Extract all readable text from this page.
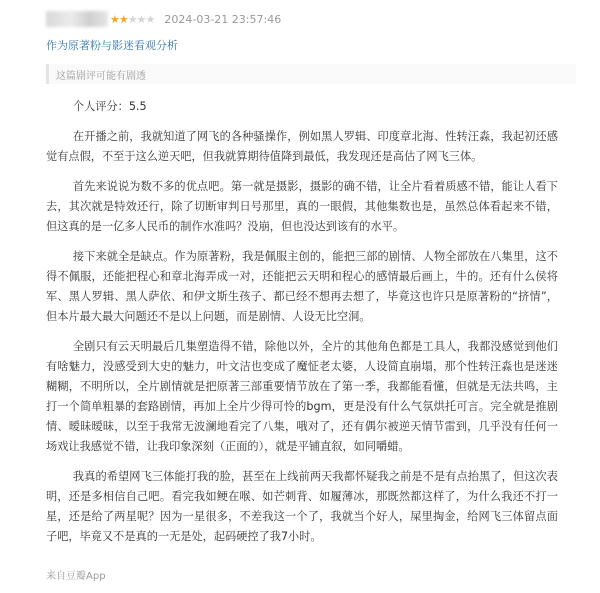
★ ★ ★ ★ ★ 2024-03-21 23:57:46
作为原著粉与影迷看观分析
这篇剧评可能有剧透

个人评分：5.5

在开播之前，我就知道了网飞的各种骚操作，例如黑人罗辑、印度章北海、性转汪淼，我起初还感觉有点假，不至于这么逆天吧，但我就算期待值降到最低，我发现还是高估了网飞三体。

首先来说说为数不多的优点吧。第一就是摄影，摄影的确不错，让全片看着质感不错，能让人看下去，其次就是特效还行，除了切断审判日号那里，真的一眼假，其他集数也是，虽然总体看起来不错，但这真的是一亿多人民币的制作水准吗？没崩，但也没达到该有的水平。

接下来就全是缺点。作为原著粉，我是佩服主创的，能把三部的剧情、人物全部放在八集里，这不得不佩服，还能把程心和章北海弄成一对，还能把云天明和程心的感情最后画上，牛的。还有什么侯将军、黑人罗辑、黑人萨依、和伊文斯生孩子、都已经不想再去想了，毕竟这也许只是原著粉的“挤情”，但本片最大最大问题还不是以上问题，而是剧情、人设无比空洞。

全剧只有云天明最后几集塑造得不错，除他以外，全片的其他角色都是工具人，我都没感觉到他们有啥魅力，没感受到大史的魅力，叶文洁也变成了魔怔老太婆，人设简直崩塌，那个性转汪淼也是迷迷糊糊，不明所以，全片剧情就是把原著三部重要情节放在了第一季，我都能看懂，但就是无法共鸣，主打一个简单粗暴的套路剧情，再加上全片少得可怜的bgm，更是没有什么气氛烘托可言。完全就是推剧情、暧昧暧昧，以至于我常无波澜地看完了八集，哦对了，还有偶尔被逆天情节雷到，几乎没有任何一场戏让我感觉不错，让我印象深刻（正面的），就是平铺直叙，如同嚼蜡。

我真的希望网飞三体能打我的脸，甚至在上线前两天我都怀疑我之前是不是有点抬黑了，但这次表明，还是多相信自己吧。看完我如鲠在喉、如芒刺背、如履薄冰，那既然都这样了，为什么我还不打一星，还是给了两星呢？因为一星很多，不差我这一个了，我就当个好人，屎里掏金，给网飞三体留点面子吧，毕竟又不是真的一无是处，起码硬控了我7小时。

来自豆瓣App
